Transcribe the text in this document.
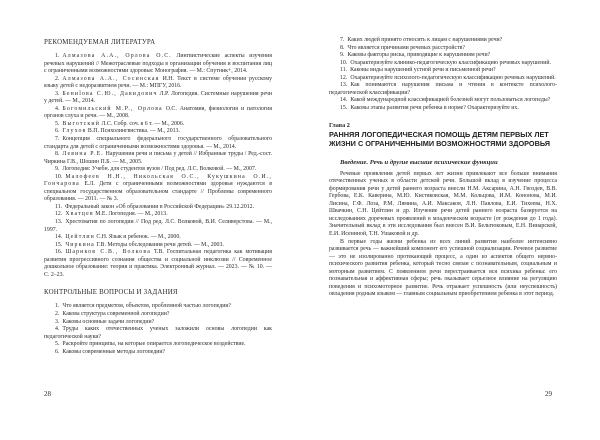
РЕКОМЕНДУЕМАЯ ЛИТЕРАТУРА

1. Алмазова А.А., Орлова О.С. Лингвистические аспекты изучения речевых нарушений // Межотраслевые подходы в организации обучения и воспитания лиц с ограниченными возможностями здоровья: Монография. — М.: Спутник+, 2014.

2. Алмазова А.А., Сосинская И.Н. Текст в системе обучения русскому языку детей с недоразвитием речи. — М.: МПГУ, 2016.

3. Бениlова С.Ю., Давидович Л.Р. Логопедия. Системные нарушения речи у детей. — М., 2014.

4. Богомильский М.Р., Орлова О.С. Анатомия, физиология и патология органов слуха и речи. — М., 2008.

5. Выготский Л.С. Собр. соч. в 6 т. — М., 2006.

6. Глухов В.П. Психолингвистика. — М., 2013.

7. Концепция специального федерального государственного образовательного стандарта для детей с ограниченными возможностями здоровья. — М., 2014.

8. Левина Р.Е. Нарушения речи и письма у детей // Избранные труды / Ред.-сост. Чиркина Г.В., Шошин П.Б. — М., 2005.

9. Логопедия: Учебн. для студентов вузов / Под ред. Л.С. Волковой. — М., 2007.

10. Малофеев Н.Н., Никольская О.С., Кукушкина О.И., Гончарова Е.Л. Дети с ограниченными возможностями здоровья нуждаются в специальном государственном образовательном стандарте // Проблемы современного образования. — 2011. — № 3.

11. Федеральный закон «Об образовании в Российской Федерации» 29.12.2012.

12. Хватцев М.Е. Логопедия. — М., 2013.

13. Хрестоматия по логопедии // Под ред. Л.С. Волковой, В.И. Селиверстова. — М., 1997.

14. Цейтлин С.Н. Язык и ребенок. — М., 2000.

15. Чиркина Г.В. Методы обследования речи детей. — М., 2003.

16. Шариков С.В., Волкова Т.В. Госпитальная педагогика как мотивация развития прогрессивного сознания общества и социальной инклюзии // Современное дошкольное образование: теория и практика. Электронный журнал. — 2023. — № 10. — С. 2–23.

КОНТРОЛЬНЫЕ ВОПРОСЫ И ЗАДАНИЯ

1. Что является предметом, объектом, проблемной частью логопедии?

2. Какова структура современной логопедии?

3. Каковы основные задачи логопедии?

4. Труды каких отечественных ученых заложили основы логопедии как педагогической науки?

5. Раскройте принципы, на которые опирается логопедическое воздействие.

6. Каковы современные методы логопедии?

28

7. Каких людей принято относить к лицам с нарушениями речи?

8. Что является причинами речевых расстройств?

9. Каковы факторы риска, приводящие к нарушениям речи?

10. Охарактеризуйте клинико-педагогическую классификацию речевых нарушений.

11. Каковы виды нарушений устной речи и письменной речи?

12. Охарактеризуйте психолого-педагогическую классификацию речевых нарушений.

13. Как понимаются нарушения письма и чтения в контексте психолого-педагогической классификации?

14. Какой международной классификацией болезней могут пользоваться логопеды?

15. Каковы этапы развития речи ребенка в норме? Охарактеризуйте их.

Глава 2
РАННЯЯ ЛОГОПЕДИЧЕСКАЯ ПОМОЩЬ ДЕТЯМ ПЕРВЫХ ЛЕТ ЖИЗНИ С ОГРАНИЧЕННЫМИ ВОЗМОЖНОСТЯМИ ЗДОРОВЬЯ
Введение. Речь и другие высшие психические функции

Речевые проявления детей первых лет жизни привлекают все больше внимания отечественных ученых в области детской речи. Большой вклад в изучение процесса формирования речи у детей раннего возраста внесли Н.М. Аксарина, А.Н. Гвоздев, В.В. Гербова, Е.К. Каверина, М.Ю. Кистяковская, М.М. Кольцова, И.М. Кононова, М.И. Лисина, Г.Ф. Лоза, Р.М. Лямина, А.И. Максаков, Л.Н. Павлова, Е.И. Тихеева, Н.Х. Швачкин, С.Н. Цейтлин и др. Изучение речи детей раннего возраста базируется на исследованиях доречевых проявлений в младенческом возрасте (от рождения до 1 года). Значительный вклад в эти исследования был внесен В.И. Бельтюковым, Е.Н. Винарской, Е.И. Исениной, Т.Н. Ушаковой и др.

В первые годы жизни ребенка из всех линий развития наиболее интенсивно развивается речь — важнейший компонент его успешной социализации. Речевое развитие — это не изолированно протекающий процесс, а один из аспектов общего нервно-психического развития ребенка, который тесно связан с познавательным, социальным и моторным развитием. С появлением речи перестраивается вся психика ребенка: его познавательная и аффективная сферы; речь оказывает серьезное влияние на регуляцию поведения и психомоторное развитие. Речь отражает успешность (или неуспешность) овладения родным языком — главным социальным приобретением ребенка в этот период.

29
